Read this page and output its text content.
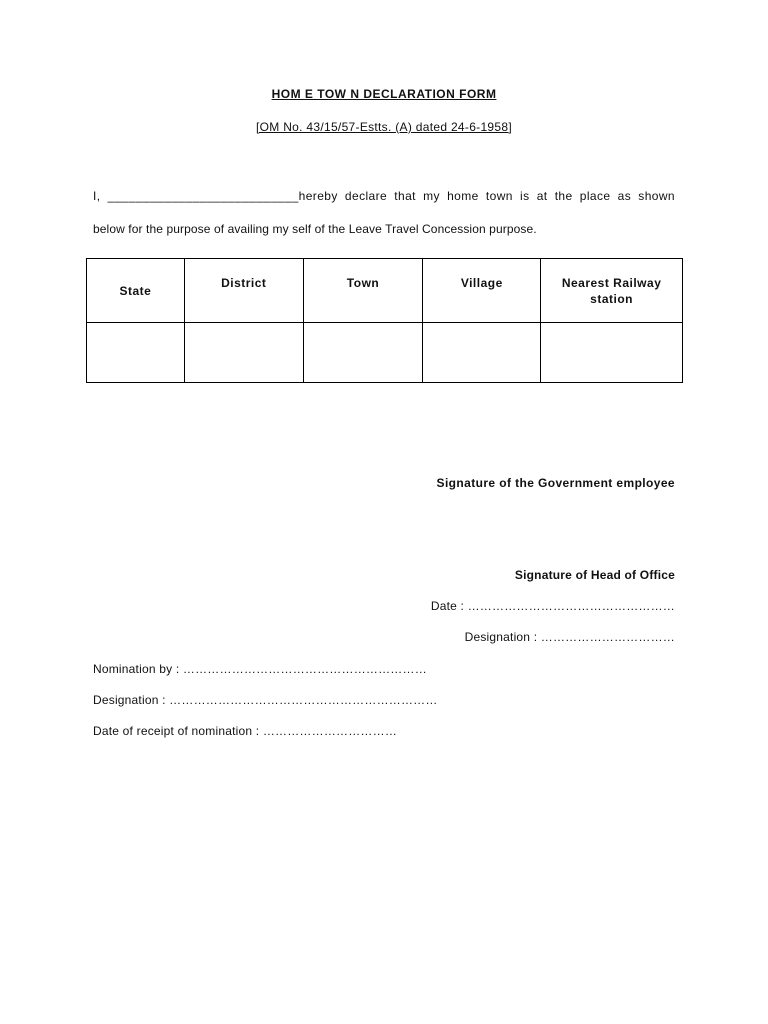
HOM E TOW N DECLARATION FORM
[OM No. 43/15/57-Estts. (A) dated 24-6-1958]
I, ___________________________hereby declare that my home town is at the place as shown
below for the purpose of availing my self of the Leave Travel Concession purpose.
State	District	Town	Village	Nearest Railway
station

Signature of the Government employee
Signature of Head of Office
Date : ……………………………………………
Designation : ……………………………
Nomination by : ……………………………………………………
Designation : …………………………………………………………
Date of receipt of nomination : ……………………………
